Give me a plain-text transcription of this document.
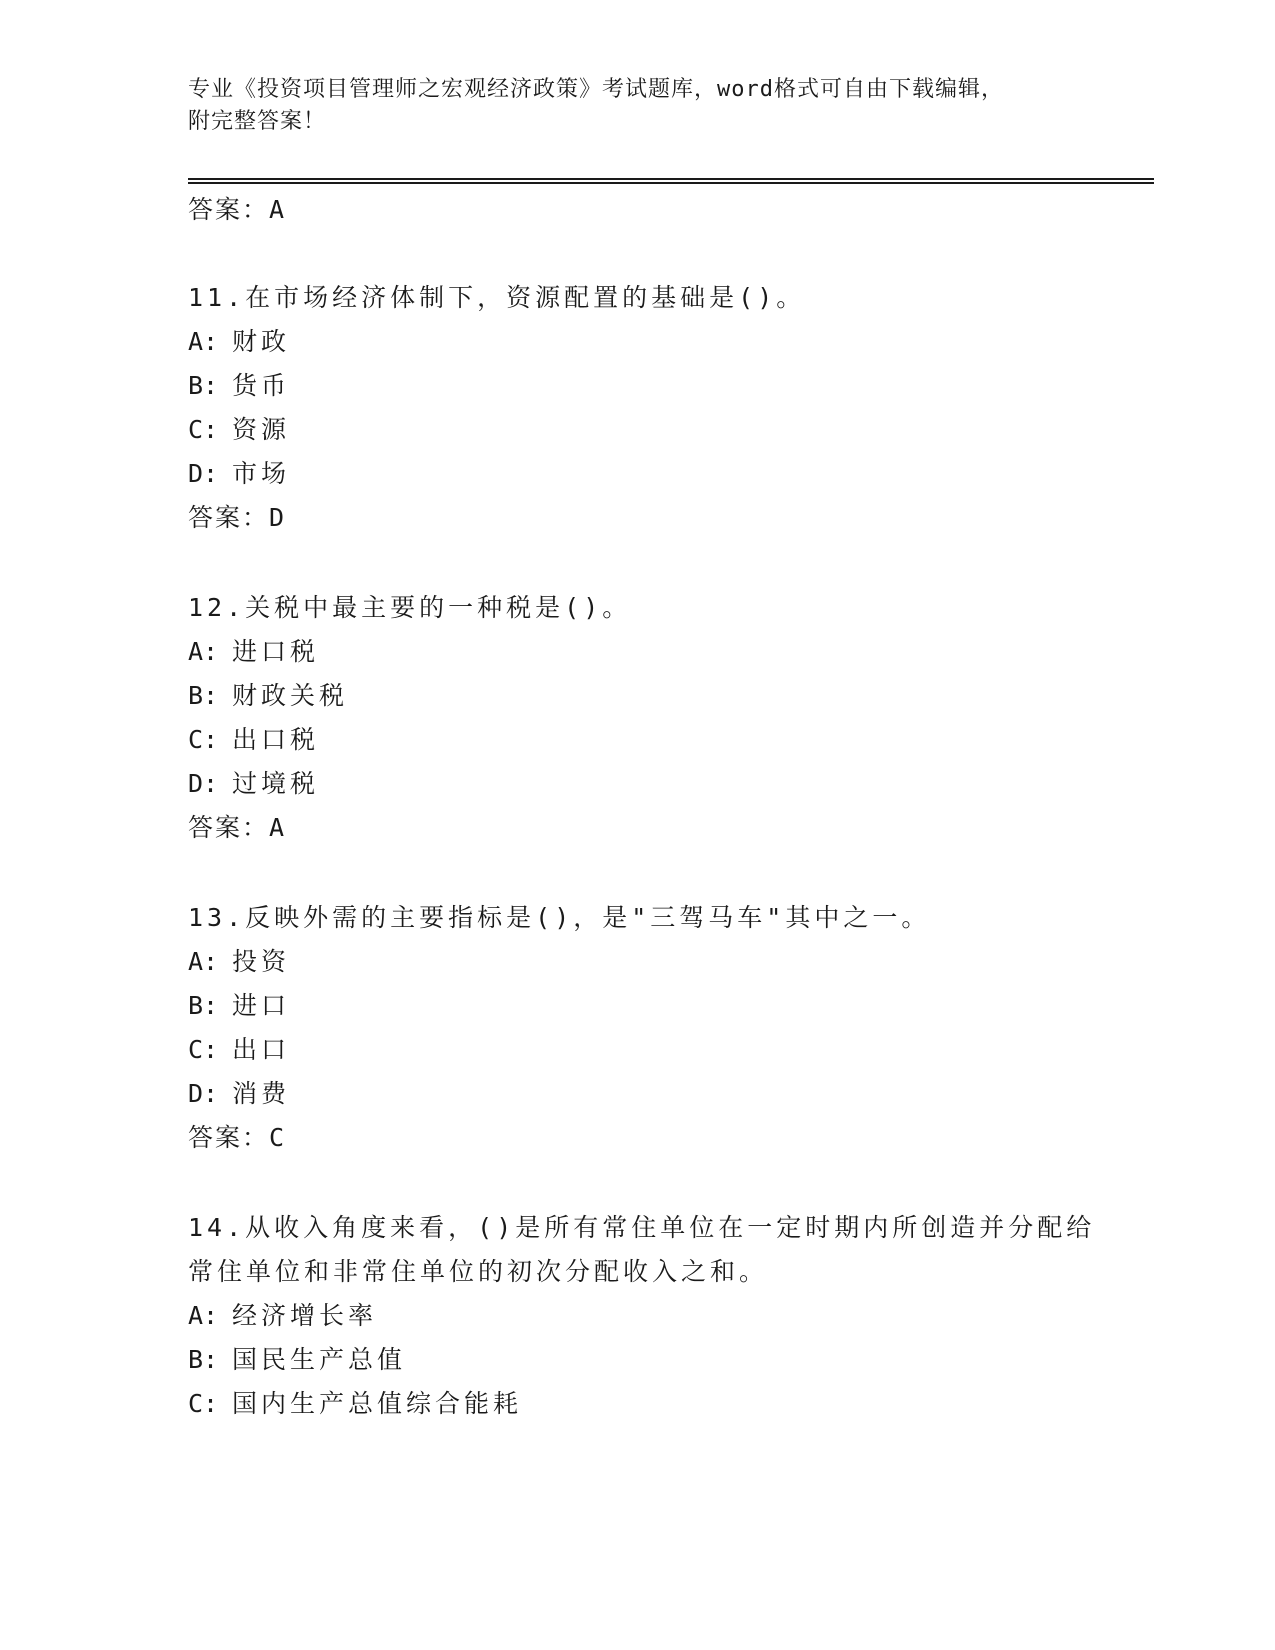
专业《投资项目管理师之宏观经济政策》考试题库，word格式可自由下载编辑，
附完整答案！
答案：A
11.在市场经济体制下，资源配置的基础是()。
A: 财政
B: 货币
C: 资源
D: 市场
答案：D
12.关税中最主要的一种税是()。
A: 进口税
B: 财政关税
C: 出口税
D: 过境税
答案：A
13.反映外需的主要指标是()，是"三驾马车"其中之一。
A: 投资
B: 进口
C: 出口
D: 消费
答案：C
14.从收入角度来看，()是所有常住单位在一定时期内所创造并分配给
常住单位和非常住单位的初次分配收入之和。
A: 经济增长率
B: 国民生产总值
C: 国内生产总值综合能耗
